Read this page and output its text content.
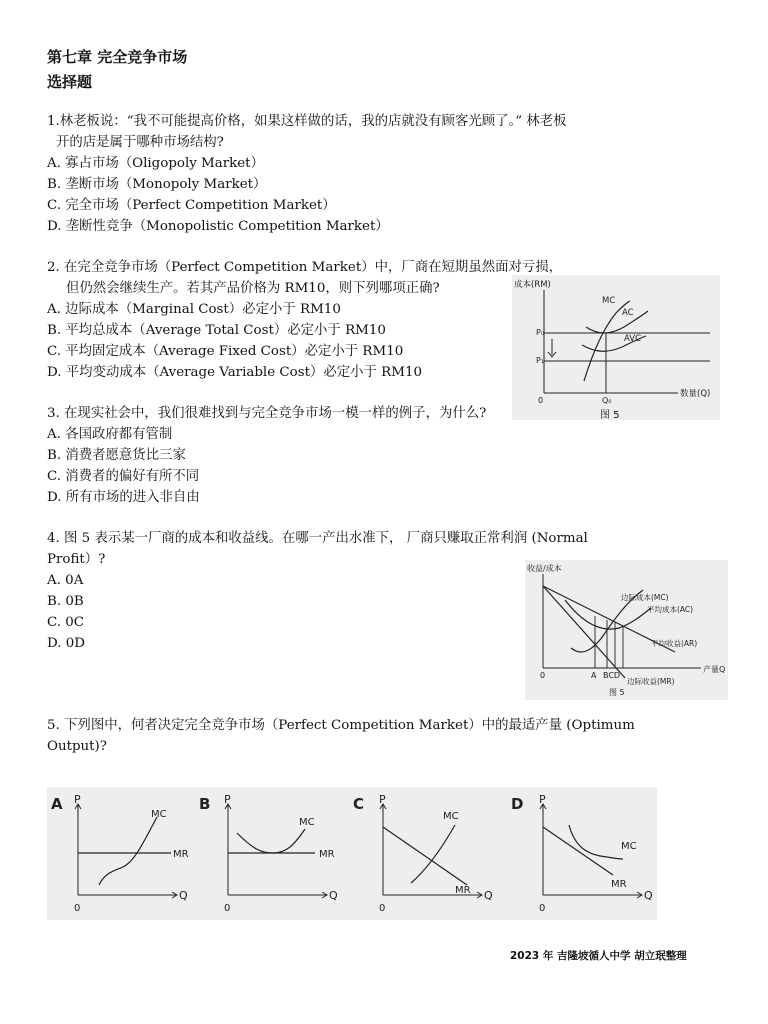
第七章 完全竞争市场
选择题
1.林老板说：“我不可能提高价格，如果这样做的话，我的店就没有顾客光顾了。” 林老板
开的店是属于哪种市场结构?
A. 寡占市场（Oligopoly Market）
B. 垄断市场（Monopoly Market）
C. 完全市场（Perfect Competition Market）
D. 垄断性竞争（Monopolistic Competition Market）
2. 在完全竞争市场（Perfect Competition Market）中，厂商在短期虽然面对亏损，
但仍然会继续生产。若其产品价格为 RM10，则下列哪项正确?
A. 边际成本（Marginal Cost）必定小于 RM10
B. 平均总成本（Average Total Cost）必定小于 RM10
C. 平均固定成本（Average Fixed Cost）必定小于 RM10
D. 平均变动成本（Average Variable Cost）必定小于 RM10
成本(RM)
数量(Q)
0
P₀
P₁
Q₀
MC
AC
AVC
图 5
3. 在现实社会中，我们很难找到与完全竞争市场一模一样的例子，为什么?
A. 各国政府都有管制
B. 消费者愿意货比三家
C. 消费者的偏好有所不同
D. 所有市场的进入非自由
4. 图 5 表示某一厂商的成本和收益线。在哪一产出水准下， 厂商只赚取正常利润 (Normal
Profit）?
A. 0A
B. 0B
C. 0C
D. 0D
收益/成本
产量Q
0	A BCD
边际成本(MC)
平均成本(AC)
平均收益(AR)
边际收益(MR)
图 5
5. 下列图中，何者决定完全竞争市场（Perfect Competition Market）中的最适产量 (Optimum
Output)?
A P
Q
0
MR
MC
B P
Q
0
MR
MC
C P
Q
0
MR
MC
D P
Q
0
MR
MC
2023 年 吉隆坡循人中学 胡立珉整理
